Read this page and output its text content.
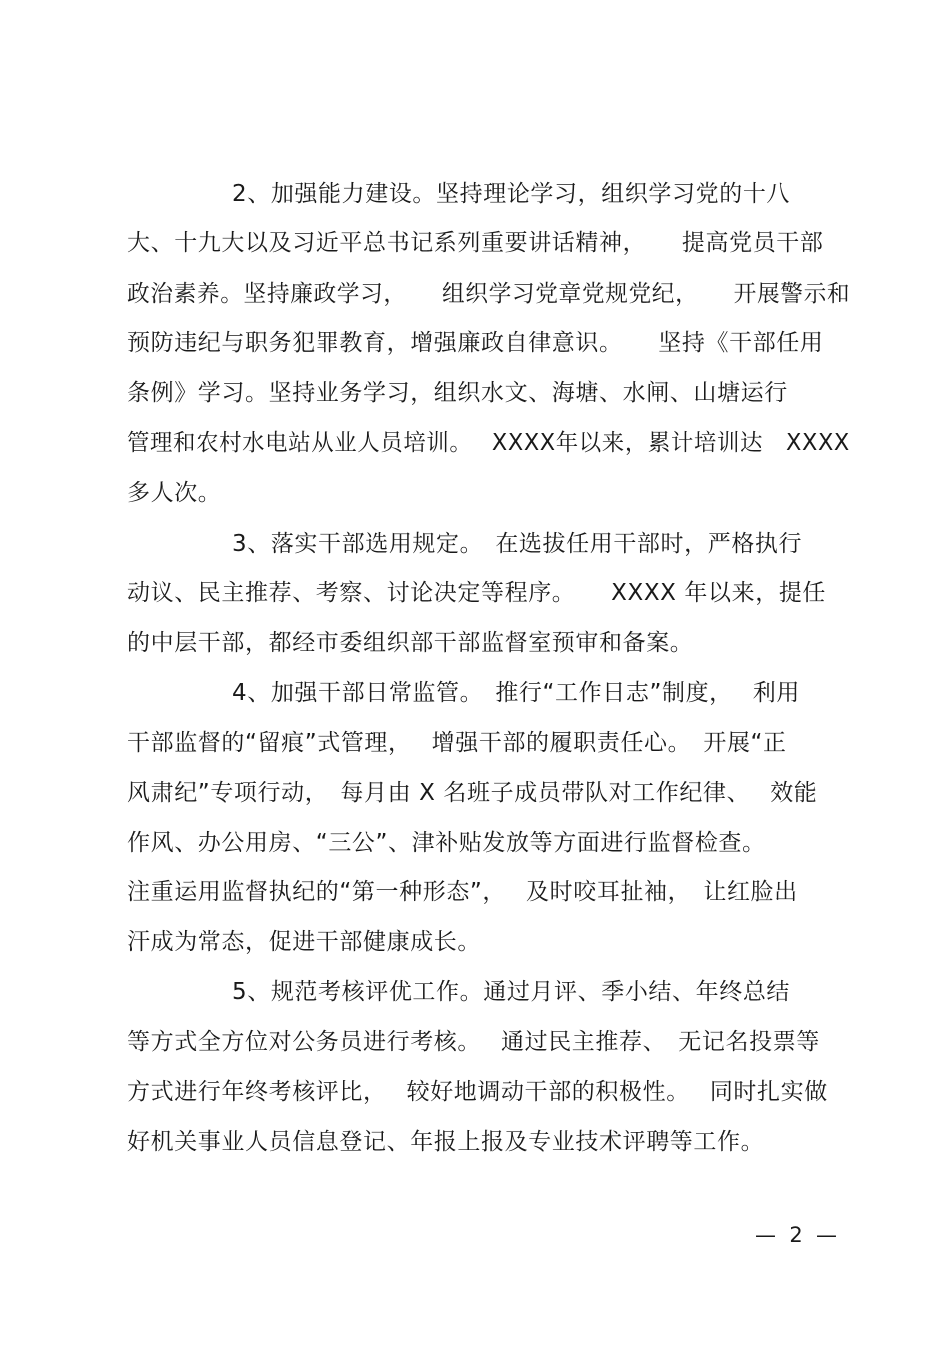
2、加强能力建设。坚持理论学习，组织学习党的十八
大、十九大以及习近平总书记系列重要讲话精神，　　提高党员干部
政治素养。坚持廉政学习，　　组织学习党章党规党纪，　　开展警示和
预防违纪与职务犯罪教育，增强廉政自律意识。　　坚持《干部任用
条例》学习。坚持业务学习，组织水文、海塘、水闸、山塘运行
管理和农村水电站从业人员培训。　 XXXX年以来，累计培训达　XXXX
多人次。
3、落实干部选用规定。　在选拔任用干部时，严格执行
动议、民主推荐、考察、讨论决定等程序。　　XXXX 年以来，提任
的中层干部，都经市委组织部干部监督室预审和备案。
4、加强干部日常监管。　推行“工作日志”制度，　 利用
干部监督的“留痕”式管理，　 增强干部的履职责任心。　开展“正
风肃纪”专项行动，　每月由 X 名班子成员带队对工作纪律、　 效能
作风、办公用房、“三公”、津补贴发放等方面进行监督检查。
注重运用监督执纪的“第一种形态”，　 及时咬耳扯袖，　让红脸出
汗成为常态，促进干部健康成长。
5、规范考核评优工作。通过月评、季小结、年终总结
等方式全方位对公务员进行考核。　 通过民主推荐、　无记名投票等
方式进行年终考核评比，　 较好地调动干部的积极性。　 同时扎实做
好机关事业人员信息登记、年报上报及专业技术评聘等工作。
—  2  —
